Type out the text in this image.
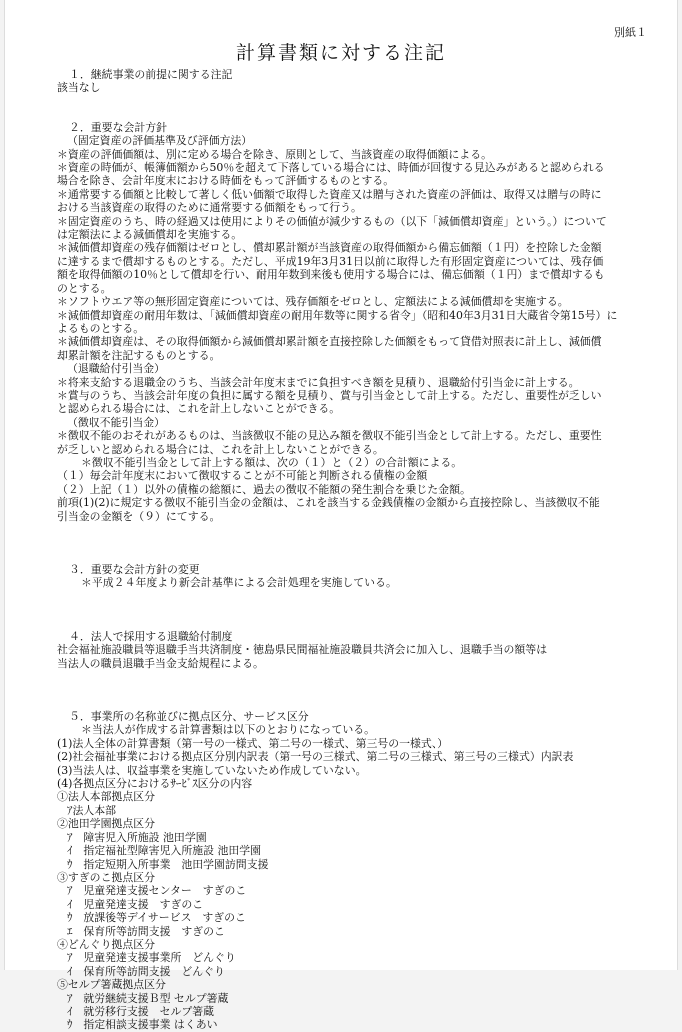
別紙１
計算書類に対する注記
１．継続事業の前提に関する注記
該当なし
２．重要な会計方針
（固定資産の評価基準及び評価方法）
＊資産の評価価額は、別に定める場合を除き、原則として、当該資産の取得価額による。
＊資産の時価が、帳簿価額から50％を超えて下落している場合には、時価が回復する見込みがあると認められる
場合を除き、会計年度末における時価をもって評価するものとする。
＊通常要する価額と比較して著しく低い価額で取得した資産又は贈与された資産の評価は、取得又は贈与の時に
おける当該資産の取得のために通常要する価額をもって行う。
＊固定資産のうち、時の経過又は使用によりその価値が減少するもの（以下「減価償却資産」という。）について
は定額法による減価償却を実施する。
＊減価償却資産の残存価額はゼロとし、償却累計額が当該資産の取得価額から備忘価額（１円）を控除した金額
に達するまで償却するものとする。ただし、平成19年3月31日以前に取得した有形固定資産については、残存価
額を取得価額の10％として償却を行い、耐用年数到来後も使用する場合には、備忘価額（１円）まで償却するも
のとする。
＊ソフトウエア等の無形固定資産については、残存価額をゼロとし、定額法による減価償却を実施する。
＊減価償却資産の耐用年数は、「減価償却資産の耐用年数等に関する省令」（昭和40年3月31日大蔵省令第15号）に
よるものとする。
＊減価償却資産は、その取得価額から減価償却累計額を直接控除した価額をもって貸借対照表に計上し、減価償
却累計額を注記するものとする。
（退職給付引当金）
＊将来支給する退職金のうち、当該会計年度末までに負担すべき額を見積り、退職給付引当金に計上する。
＊賞与のうち、当該会計年度の負担に属する額を見積り、賞与引当金として計上する。ただし、重要性が乏しい
と認められる場合には、これを計上しないことができる。
（徴収不能引当金）
＊徴収不能のおそれがあるものは、当該徴収不能の見込み額を徴収不能引当金として計上する。ただし、重要性
が乏しいと認められる場合には、これを計上しないことができる。
＊徴収不能引当金として計上する額は、次の（１）と（２）の合計額による。
（１）毎会計年度末において徴収することが不可能と判断される債権の金額
（２）上記（１）以外の債権の総額に、過去の徴収不能額の発生割合を乗じた金額。
前項(1)(2)に規定する徴収不能引当金の金額は、これを該当する金銭債権の金額から直接控除し、当該徴収不能
引当金の金額を（９）にてする。
３．重要な会計方針の変更
＊平成２４年度より新会計基準による会計処理を実施している。
４．法人で採用する退職給付制度
社会福祉施設職員等退職手当共済制度・徳島県民間福祉施設職員共済会に加入し、退職手当の額等は
当法人の職員退職手当金支給規程による。
５．事業所の名称並びに拠点区分、サービス区分
＊当法人が作成する計算書類は以下のとおりになっている。
(1)法人全体の計算書類（第一号の一様式、第二号の一様式、第三号の一様式、）
(2)社会福祉事業における拠点区分別内訳表（第一号の三様式、第二号の三様式、第三号の三様式）内訳表
(3)当法人は、収益事業を実施していないため作成していない。
(4)各拠点区分におけるｻｰﾋﾞｽ区分の内容
①法人本部拠点区分
ｱ法人本部
②池田学園拠点区分
ｱ　障害児入所施設 池田学園
ｲ　指定福祉型障害児入所施設 池田学園
ｳ　指定短期入所事業　池田学園訪問支援
③すぎのこ拠点区分
ｱ　児童発達支援センター　すぎのこ
ｲ　児童発達支援　すぎのこ
ｳ　放課後等デイサービス　すぎのこ
ｴ　保育所等訪問支援　すぎのこ
④どんぐり拠点区分
ｱ　児童発達支援事業所　どんぐり
ｲ　保育所等訪問支援　どんぐり
⑤セルプ箸蔵拠点区分
ｱ　就労継続支援Ｂ型 セルプ箸蔵
ｲ　就労移行支援　セルプ箸蔵
ｳ　指定相談支援事業 はくあい
